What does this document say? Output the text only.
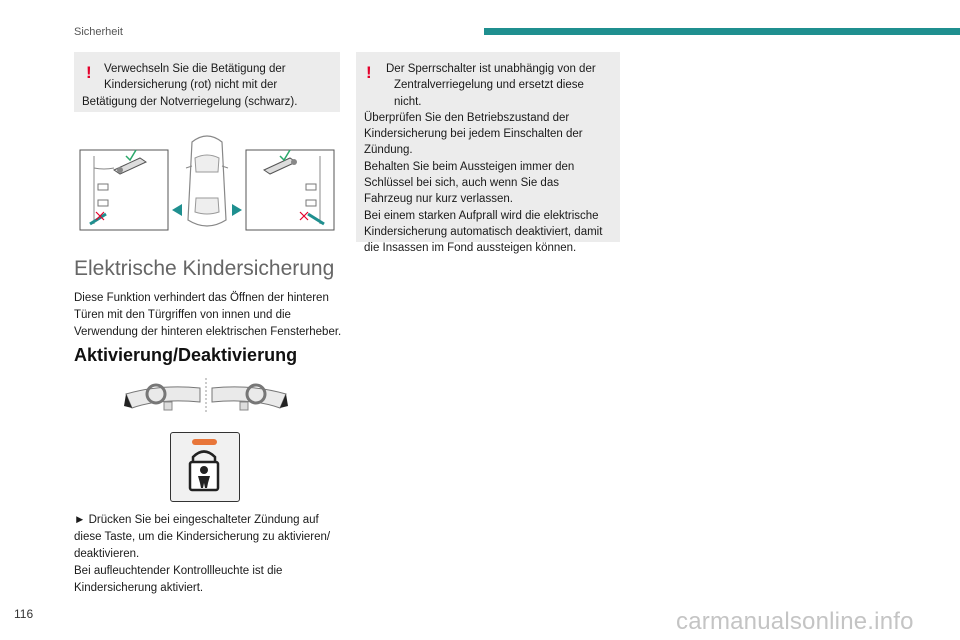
Sicherheit
!	Verwechseln Sie die Betätigung der
Kindersicherung (rot) nicht mit der
Betätigung der Notverriegelung (schwarz).
!	Der Sperrschalter ist unabhängig von der
Zentralverriegelung und ersetzt diese nicht.
Überprüfen Sie den Betriebszustand der Kindersicherung bei jedem Einschalten der Zündung.
Behalten Sie beim Aussteigen immer den Schlüssel bei sich, auch wenn Sie das Fahrzeug nur kurz verlassen.
Bei einem starken Aufprall wird die elektrische Kindersicherung automatisch deaktiviert, damit die Insassen im Fond aussteigen können.
Elektrische Kindersicherung

Diese Funktion verhindert das Öffnen der hinteren Türen mit den Türgriffen von innen und die Verwendung der hinteren elektrischen Fensterheber.

Aktivierung/Deaktivierung
► Drücken Sie bei eingeschalteter Zündung auf diese Taste, um die Kindersicherung zu aktivieren/ deaktivieren.
Bei aufleuchtender Kontrollleuchte ist die Kindersicherung aktiviert.
116	carmanualsonline.info
